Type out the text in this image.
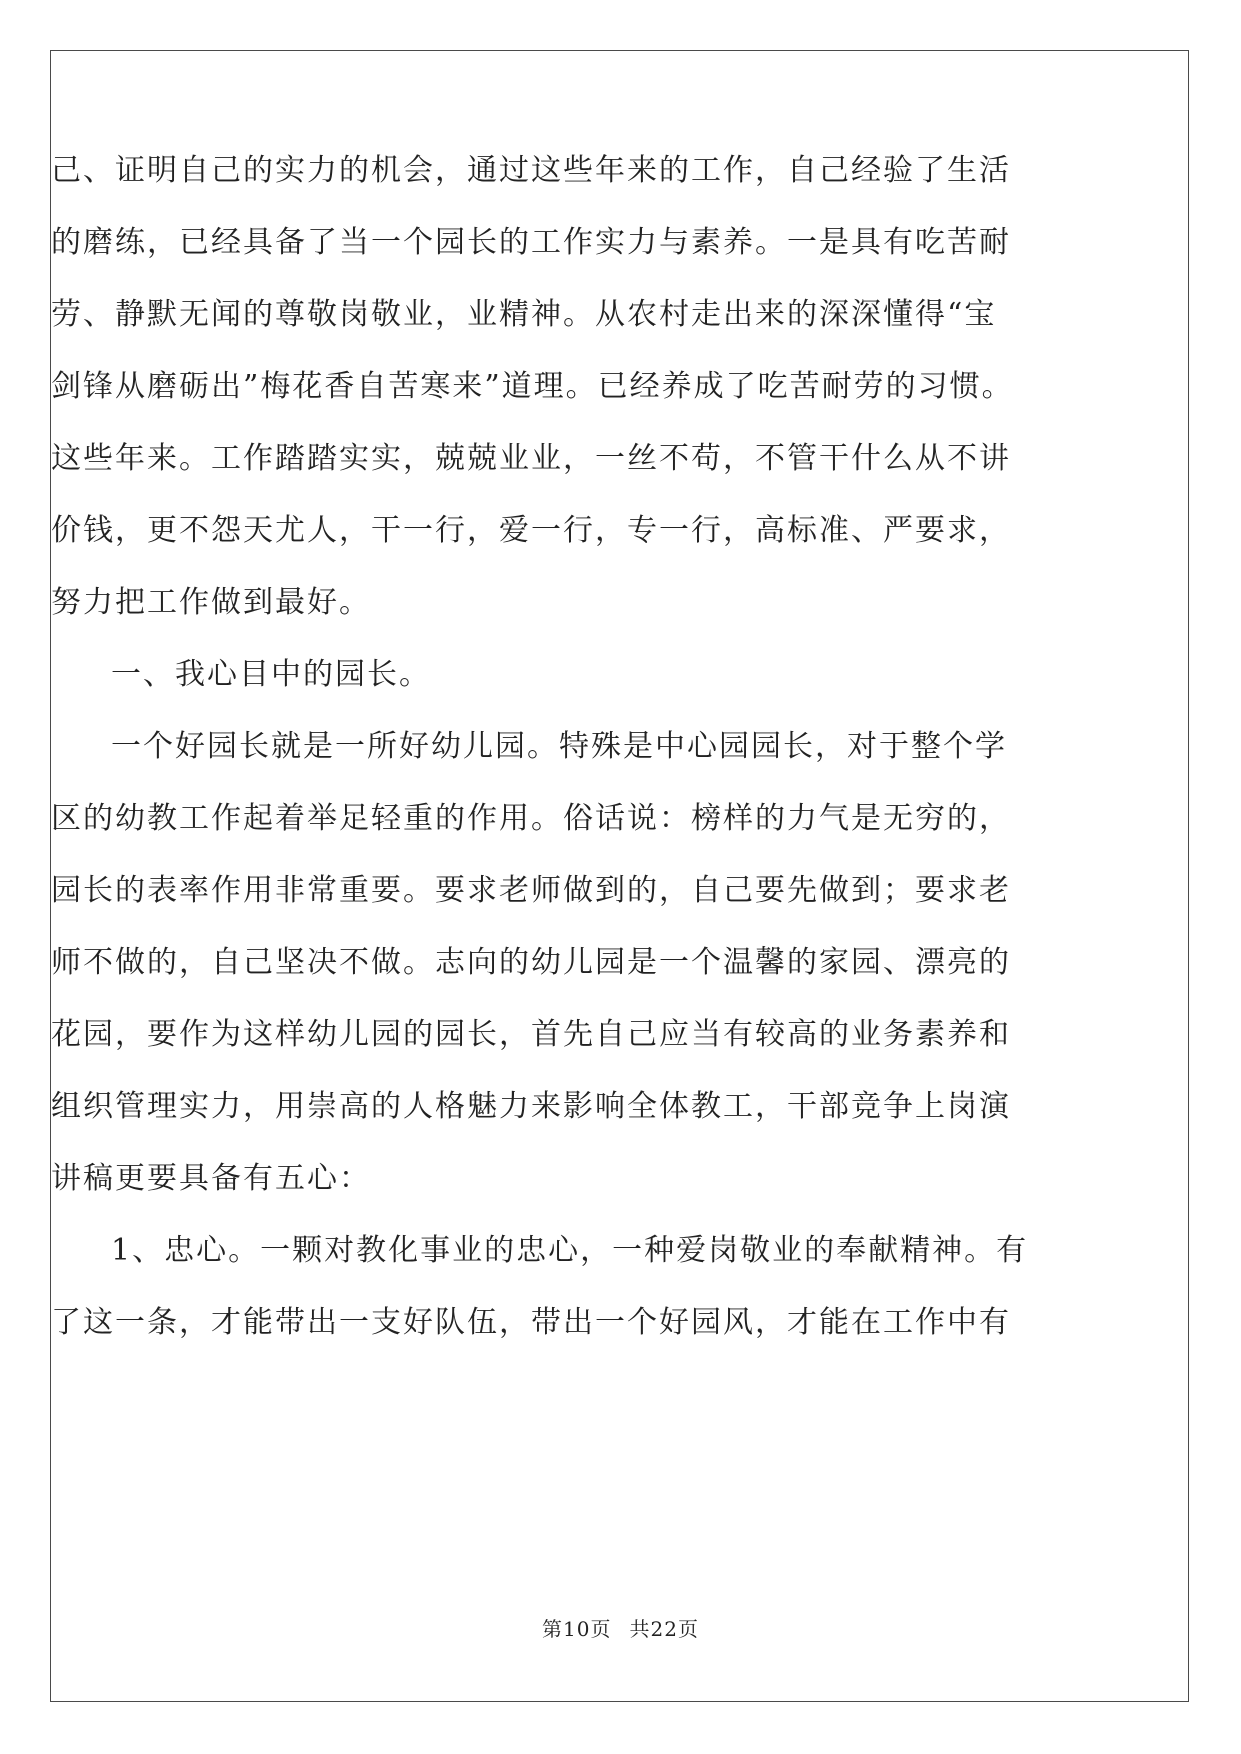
己、证明自己的实力的机会，通过这些年来的工作，自己经验了生活
的磨练，已经具备了当一个园长的工作实力与素养。一是具有吃苦耐
劳、静默无闻的尊敬岗敬业，业精神。从农村走出来的深深懂得“宝
剑锋从磨砺出”梅花香自苦寒来”道理。已经养成了吃苦耐劳的习惯。
这些年来。工作踏踏实实，兢兢业业，一丝不苟，不管干什么从不讲
价钱，更不怨天尤人，干一行，爱一行，专一行，高标准、严要求，
努力把工作做到最好。
一、我心目中的园长。
一个好园长就是一所好幼儿园。特殊是中心园园长，对于整个学
区的幼教工作起着举足轻重的作用。俗话说：榜样的力气是无穷的，
园长的表率作用非常重要。要求老师做到的，自己要先做到；要求老
师不做的，自己坚决不做。志向的幼儿园是一个温馨的家园、漂亮的
花园，要作为这样幼儿园的园长，首先自己应当有较高的业务素养和
组织管理实力，用崇高的人格魅力来影响全体教工，干部竞争上岗演
讲稿更要具备有五心：
1、忠心。一颗对教化事业的忠心，一种爱岗敬业的奉献精神。有
了这一条，才能带出一支好队伍，带出一个好园风，才能在工作中有
第10页 共22页
